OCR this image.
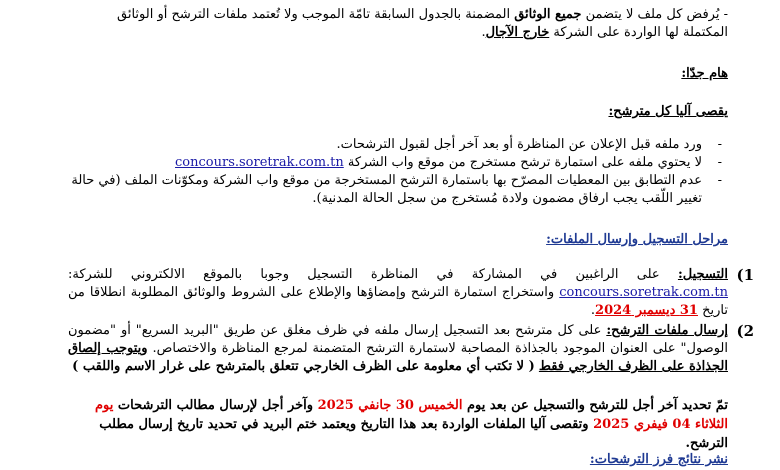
- يُرفض كل ملف لا يتضمن جميع الوثائق المضمنة بالجدول السابقة تامّة الموجب ولا تُعتمد ملفات الترشح أو الوثائق المكتملة لها الواردة على الشركة خارج الآجال.
هام جدّا:
يقصى آليا كل مترشح:
- ورد ملفه قبل الإعلان عن المناظرة أو بعد آخر أجل لقبول الترشحات.
- لا يحتوي ملفه على استمارة ترشح مستخرج من موقع واب الشركة concours.soretrak.com.tn
- عدم التطابق بين المعطيات المصرّح بها باستمارة الترشح المستخرجة من موقع واب الشركة ومكوّنات الملف (في حالة تغيير اللّقب يجب ارفاق مضمون ولادة مُستخرج من سجل الحالة المدنية).
مراحل التسجيل وإرسال الملفات:
1)
التسجيل: على الراغبين في المشاركة في المناظرة التسجيل وجوبا بالموقع الالكتروني للشركة: concours.soretrak.com.tn واستخراج استمارة الترشح وإمضاؤها والإطلاع على الشروط والوثائق المطلوبة انطلاقا من تاريخ 31 ديسمبر 2024.
2)
إرسال ملفات الترشح: على كل مترشح بعد التسجيل إرسال ملفه في ظرف مغلق عن طريق "البريد السريع" أو "مضمون الوصول" على العنوان الموجود بالجذاذة المصاحبة لاستمارة الترشح المتضمنة لمرجع المناظرة والاختصاص. ويتوجب إلصاق الجذاذة على الظرف الخارجي فقط ( لا تكتب أي معلومة على الظرف الخارجي تتعلق بالمترشح على غرار الاسم واللقب )
تمّ تحديد آخر أجل للترشح والتسجيل عن بعد يوم الخميس 30 جانفي 2025 وآخر أجل لإرسال مطالب الترشحات يوم الثلاثاء 04 فيفري 2025 وتقصى آليا الملفات الواردة بعد هذا التاريخ ويعتمد ختم البريد في تحديد تاريخ إرسال مطلب الترشح.
نشر نتائج فرز الترشحات:
